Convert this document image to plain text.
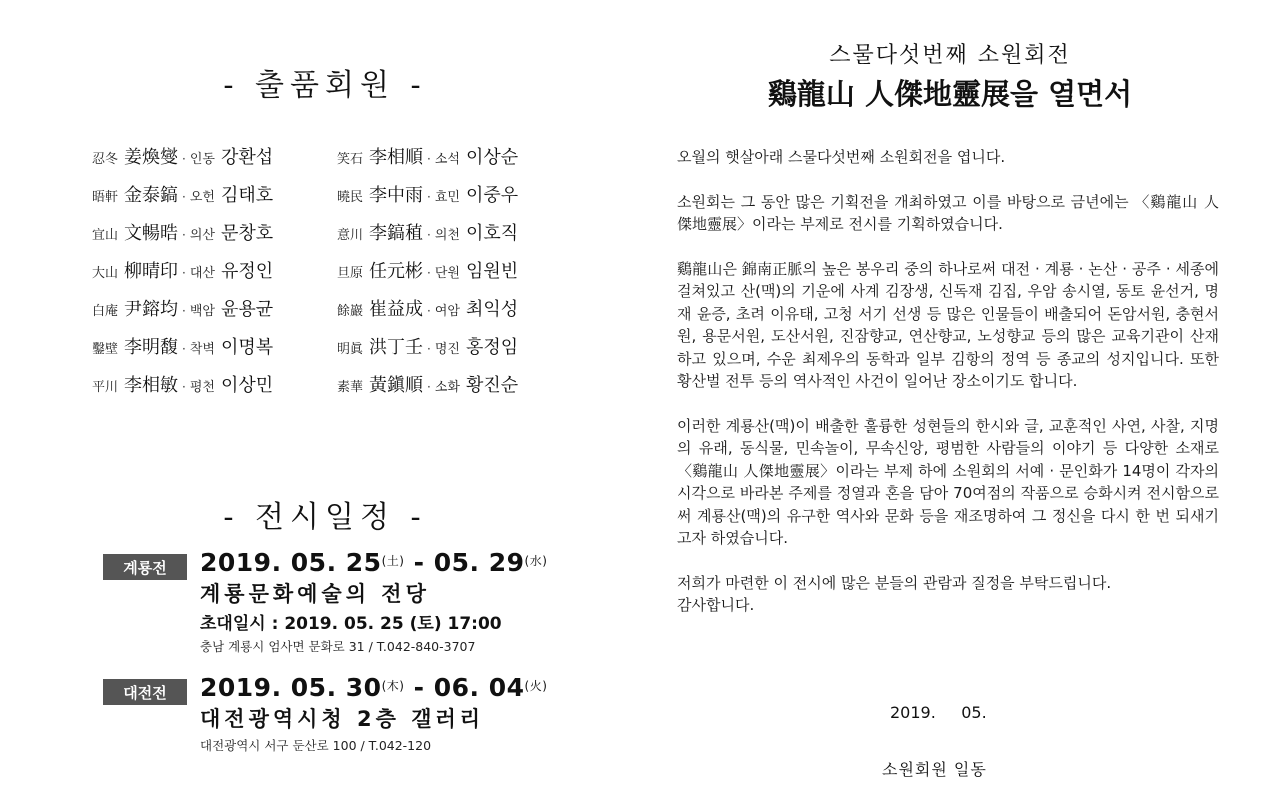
- 출품회원 -
忍冬 姜煥燮 · 인동 강환섭
晤軒 金泰鎬 · 오헌 김태호
宜山 文暢晧 · 의산 문창호
大山 柳晴印 · 대산 유정인
白庵 尹鎔均 · 백암 윤용균
鑿壁 李明馥 · 착벽 이명복
平川 李相敏 · 평천 이상민
笑石 李相順 · 소석 이상순
曉民 李中雨 · 효민 이중우
意川 李鎬稙 · 의천 이호직
旦原 任元彬 · 단원 임원빈
餘巖 崔益成 · 여암 최익성
明眞 洪丁壬 · 명진 홍정임
素華 黃鎭順 · 소화 황진순
- 전시일정 -
계룡전	2019. 05. $25^{(土)} - 05$. $29^{(水)}$
계룡문화예술의 전당
초대일시 : 2019. 05. 25 (토) 17:00
충남 계룡시 엄사면 문화로 31 / T.042-840-3707
대전전	2019. 05. $30^{(木)} - 06$. $04^{(火)}$
대전광역시청 2층 갤러리
대전광역시 서구 둔산로 100 / T.042-120
스물다섯번째 소원회전
鷄龍山 人傑地靈展을 열면서

오월의 햇살아래 스물다섯번째 소원회전을 엽니다.

소원회는 그 동안 많은 기획전을 개최하였고 이를 바탕으로 금년에는 〈鷄龍山 人傑地靈展〉이라는 부제로 전시를 기획하였습니다.

鷄龍山은 錦南正脈의 높은 봉우리 중의 하나로써 대전 · 계룡 · 논산 · 공주 · 세종에 걸쳐있고 산(맥)의 기운에 사계 김장생, 신독재 김집, 우암 송시열, 동토 윤선거, 명재 윤증, 초려 이유태, 고청 서기 선생 등 많은 인물들이 배출되어 돈암서원, 충현서원, 용문서원, 도산서원, 진잠향교, 연산향교, 노성향교 등의 많은 교육기관이 산재하고 있으며, 수운 최제우의 동학과 일부 김항의 정역 등 종교의 성지입니다. 또한 황산벌 전투 등의 역사적인 사건이 일어난 장소이기도 합니다.

이러한 계룡산(맥)이 배출한 훌륭한 성현들의 한시와 글, 교훈적인 사연, 사찰, 지명의 유래, 동식물, 민속놀이, 무속신앙, 평범한 사람들의 이야기 등 다양한 소재로 〈鷄龍山 人傑地靈展〉이라는 부제 하에 소원회의 서예 · 문인화가 14명이 각자의 시각으로 바라본 주제를 정열과 혼을 담아 70여점의 작품으로 승화시켜 전시함으로써 계룡산(맥)의 유구한 역사와 문화 등을 재조명하여 그 정신을 다시 한 번 되새기고자 하였습니다.

저희가 마련한 이 전시에 많은 분들의 관람과 질정을 부탁드립니다.

감사합니다.

2019.     05.
소원회원 일동
